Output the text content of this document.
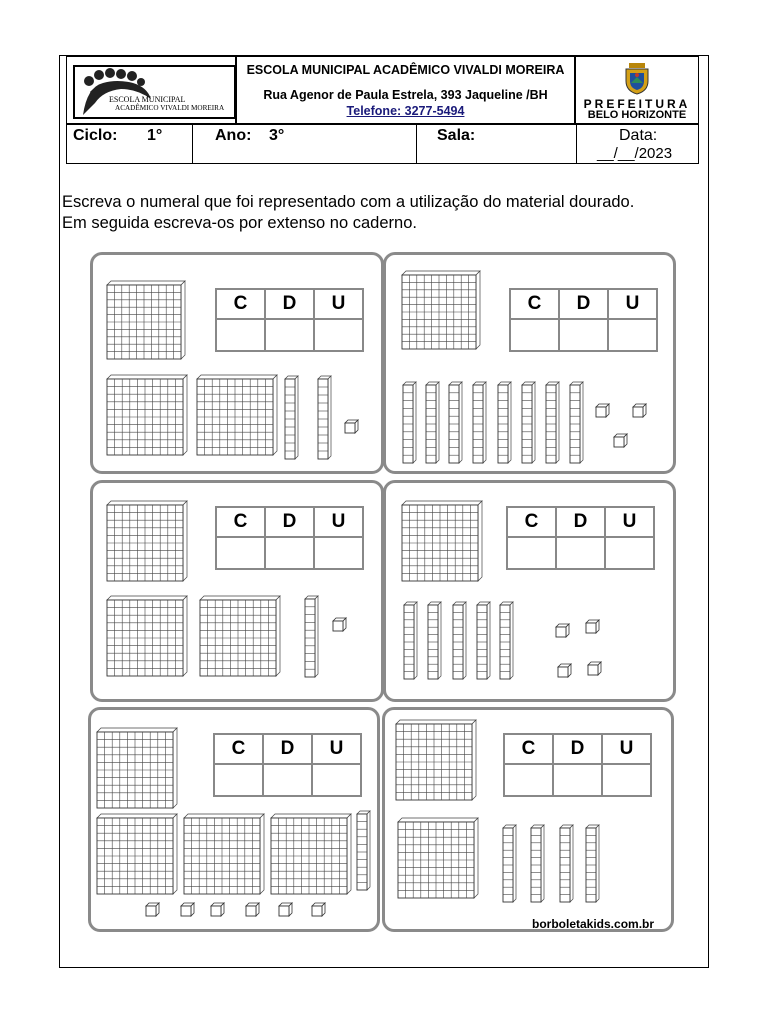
ESCOLA MUNICIPAL
ACADÊMICO VIVALDI MOREIRA
ESCOLA MUNICIPAL ACADÊMICO VIVALDI MOREIRA
Rua Agenor de Paula Estrela, 393 Jaqueline /BH
Telefone: 3277-5494	PREFEITURA
BELO HORIZONTE
Ciclo: 1°	Ano: 3°	Sala:	Data:
__/__/2023
Escreva o numeral que foi representado com a utilização do material dourado. Em seguida escreva-os por extenso no caderno.
C	D	U
			C	D	U

C	D	U
			C	D	U

C	D	U
			C	D	U

borboletakids.com.br
